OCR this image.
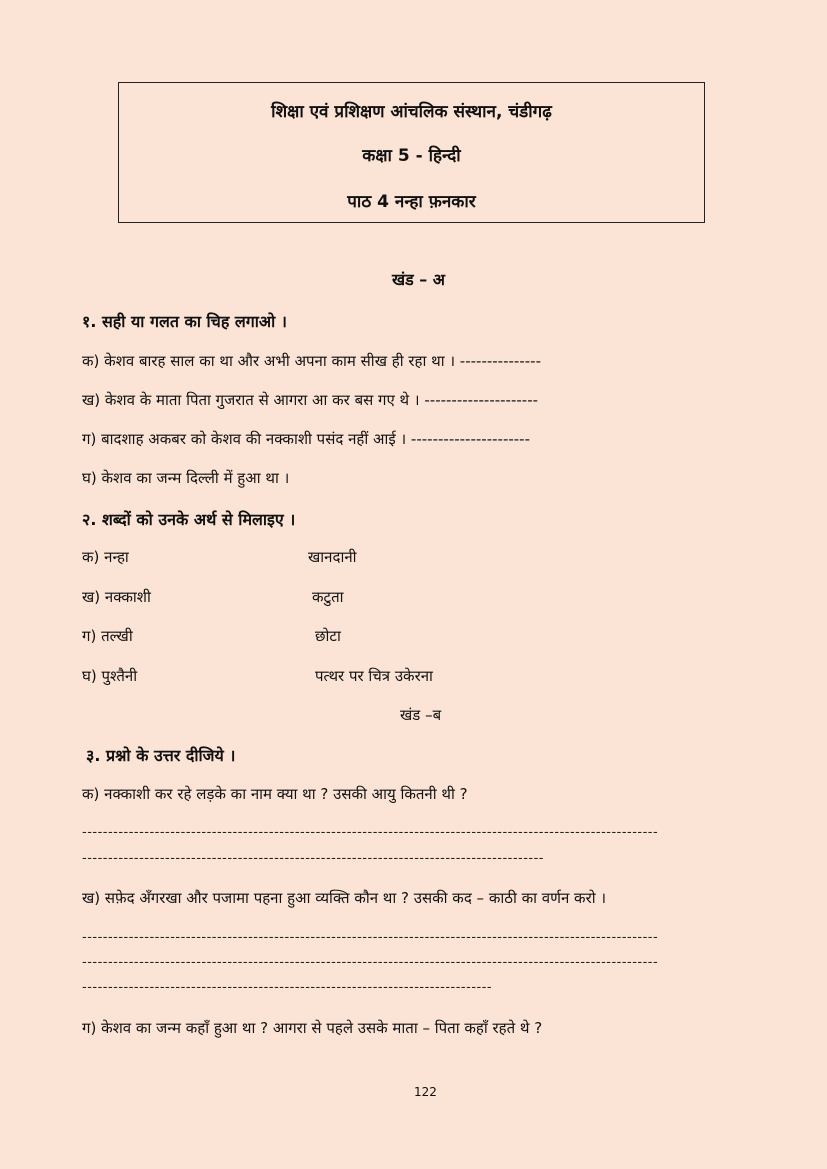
शिक्षा एवं प्रशिक्षण आंचलिक संस्थान, चंडीगढ़
कक्षा 5 - हिन्दी
पाठ 4 नन्हा फ़नकार
खंड – अ
१. सही या गलत का चिह लगाओ ।
क) केशव बारह साल का था और अभी अपना काम सीख ही रहा था । ---------------
ख) केशव के माता पिता गुजरात से आगरा आ कर बस गए थे । ---------------------
ग) बादशाह अकबर को केशव की नक्काशी पसंद नहीं आई । ----------------------
घ) केशव का जन्म दिल्ली में हुआ था ।
२. शब्दों को उनके अर्थ से मिलाइए ।
क) नन्हा	खानदानी
ख) नक्काशी	कटुता
ग) तल्खी	छोटा
घ) पुश्तैनी	पत्थर पर चित्र उकेरना
खंड –ब
३. प्रश्नो के उत्तर दीजिये ।
क) नक्काशी कर रहे लड़के का नाम क्या था ? उसकी आयु कितनी थी ?
---------------------------------------------------------------------------------------------------------------
-----------------------------------------------------------------------------------------
ख) सफ़ेद अँगरखा और पजामा पहना हुआ व्यक्ति कौन था ? उसकी कद – काठी का वर्णन करो ।
---------------------------------------------------------------------------------------------------------------
---------------------------------------------------------------------------------------------------------------
-------------------------------------------------------------------------------
ग) केशव का जन्म कहाँ हुआ था ? आगरा से पहले उसके माता – पिता कहाँ रहते थे ?
122
